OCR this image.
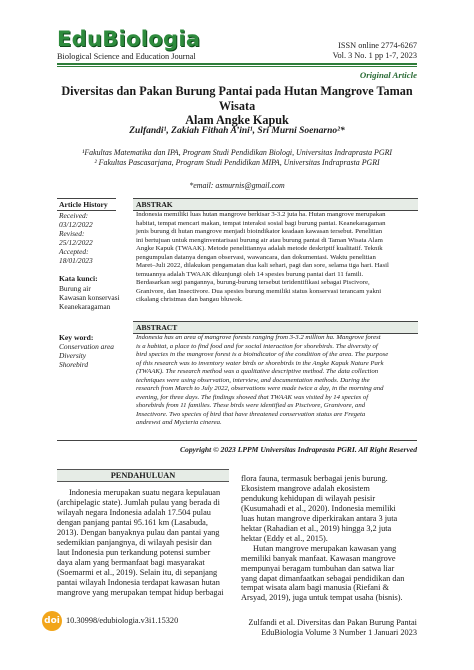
EduBiologia
Biological Science and Education Journal
ISSN online 2774-6267
Vol. 3 No. 1 pp 1-7, 2023
Original Article
Diversitas dan Pakan Burung Pantai pada Hutan Mangrove Taman Wisata
Alam Angke Kapuk
Zulfandi¹, Zakiah Fithah A’ini¹, Sri Murni Soenarno²*
¹Fakultas Matematika dan IPA, Program Studi Pendidikan Biologi, Universitas Indraprasta PGRI
² Fakultas Pascasarjana, Program Studi Pendidikan MIPA, Universitas Indraprasta PGRI
*email: asmurnis@gmail.com
Article History
Received:
03/12/2022
Revised:
25/12/2022
Accepted:
18/01/2023
Kata kunci:
Burung air
Kawasan konservasi
Keanekaragaman
Key word:
Conservation area
Diversity
Shorebird
ABSTRAK
Indonesia memiliki luas hutan mangrove berkisar 3-3.2 juta ha. Hutan mangrove merupakan
habitat, tempat mencari makan, tempat interaksi sosial bagi burung pantai. Keanekaragaman
jenis burung di hutan mangrove menjadi bioindikator keadaan kawasan tersebut. Penelitian
ini bertujuan untuk menginventarisasi burung air atau burung pantai di Taman Wisata Alam
Angke Kapuk (TWAAK). Metode penelitiannya adalah metode deskriptif kualitatif. Teknik
pengumpulan datanya dengan observasi, wawancara, dan dokumentasi. Waktu penelitian
Maret–Juli 2022, dilakukan pengamatan dua kali sehari, pagi dan sore, selama tiga hari. Hasil
temuannya adalah TWAAK dikunjungi oleh 14 spesies burung pantai dari 11 famili.
Berdasarkan segi pangannya, burung-burung tersebut teridentifikasi sebagai Piscivore,
Granivore, dan Insectivore. Dua spesies burung memiliki status konservasi terancam yakni
cikalang christmas dan bangau bluwok.
ABSTRACT
Indonesia has an area of mangrove forests ranging from 3-3.2 million ha. Mangrove forest
is a habitat, a place to find food and for social interaction for shorebirds. The diversity of
bird species in the mangrove forest is a bioindicator of the condition of the area. The purpose
of this research was to inventory water birds or shorebirds in the Angke Kapuk Nature Park
(TWAAK). The research method was a qualitative descriptive method. The data collection
techniques were using observation, interview, and documentation methods. During the
research from March to July 2022, observations were made twice a day, in the morning and
evening, for three days. The findings showed that TWAAK was visited by 14 species of
shorebirds from 11 families. These birds were identified as Piscivore, Granivore, and
Insectivore. Two species of bird that have threatened conservation status are Fregeta
andrewsi and Mycteria cinerea.
Copyright © 2023 LPPM Universitas Indraprasta PGRI. All Right Reserved
PENDAHULUAN
Indonesia merupakan suatu negara kepulauan
(archipelagic state). Jumlah pulau yang berada di
wilayah negara Indonesia adalah 17.504 pulau
dengan panjang pantai 95.161 km (Lasabuda,
2013). Dengan banyaknya pulau dan pantai yang
sedemikian panjangnya, di wilayah pesisir dan
laut Indonesia pun terkandung potensi sumber
daya alam yang bermanfaat bagi masyarakat
(Soemarmi et al., 2019). Selain itu, di sepanjang
pantai wilayah Indonesia terdapat kawasan hutan
mangrove yang merupakan tempat hidup berbagai
flora fauna, termasuk berbagai jenis burung.
Ekosistem mangrove adalah ekosistem
pendukung kehidupan di wilayah pesisir
(Kusumahadi et al., 2020). Indonesia memiliki
luas hutan mangrove diperkirakan antara 3 juta
hektar (Rahadian et al., 2019) hingga 3,2 juta
hektar (Eddy et al., 2015).
Hutan mangrove merupakan kawasan yang
memiliki banyak manfaat. Kawasan mangrove
mempunyai beragam tumbuhan dan satwa liar
yang dapat dimanfaatkan sebagai pendidikan dan
tempat wisata alam bagi manusia (Riefani &
Arsyad, 2019), juga untuk tempat usaha (bisnis).
doi 10.30998/edubiologia.v3i1.15320	Zulfandi et al. Diversitas dan Pakan Burung Pantai
EduBiologia Volume 3 Number 1 Januari 2023
